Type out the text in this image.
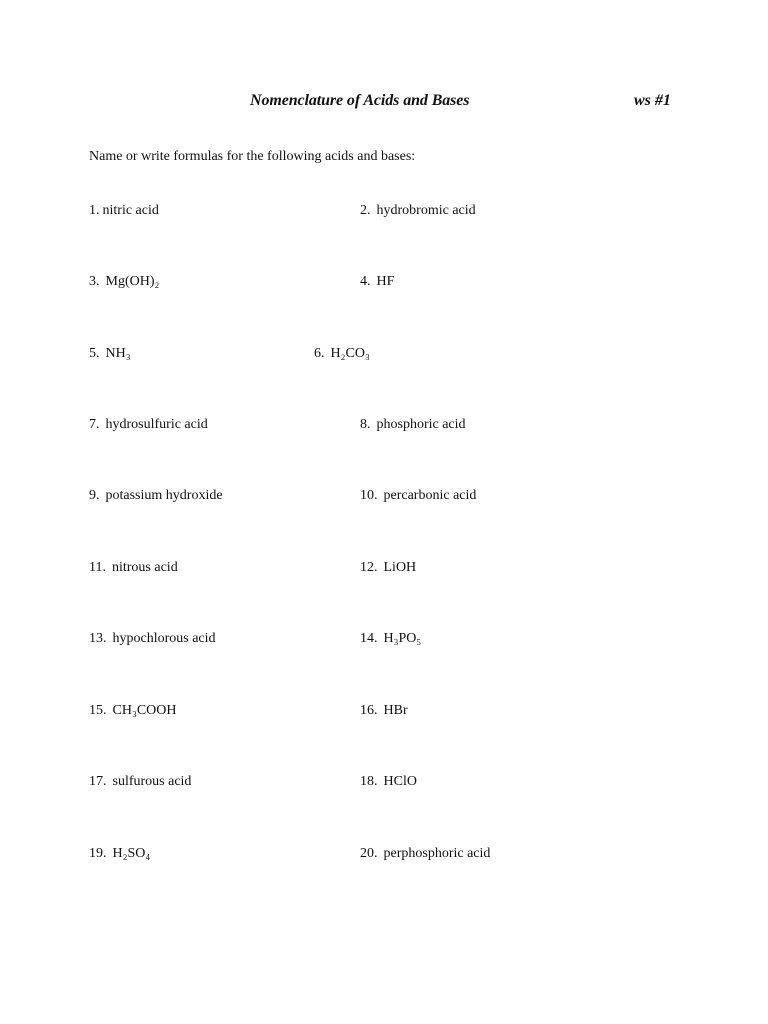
Nomenclature of Acids and Bases	ws #1
Name or write formulas for the following acids and bases:
1. nitric acid	2. hydrobromic acid
3. Mg(OH)₂	4. HF
5. NH₃	6. H₂CO₃
7. hydrosulfuric acid	8. phosphoric acid
9. potassium hydroxide	10. percarbonic acid
11. nitrous acid	12. LiOH
13. hypochlorous acid	14. H₃PO₅
15. CH₃COOH	16. HBr
17. sulfurous acid	18. HClO
19. H₂SO₄	20. perphosphoric acid
